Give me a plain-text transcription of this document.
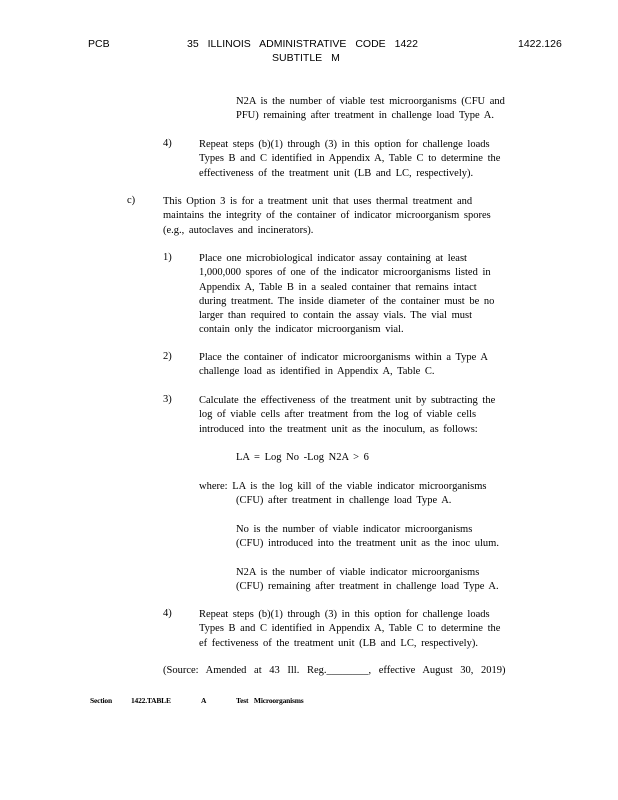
PCB	35 ILLINOIS ADMINISTRATIVE CODE 1422
SUBTITLE M
1422.126
N2A is the number of viable test microorganisms (CFU and
PFU) remaining after treatment in challenge load Type A.
4)	Repeat steps (b)(1) through (3) in this option for challenge loads
Types B and C identified in Appendix A, Table C to determine the
effectiveness of the treatment unit (LB and LC, respectively).
c)	This Option 3 is for a treatment unit that uses thermal treatment and
maintains the integrity of the container of indicator microorganism spores
(e.g., autoclaves and incinerators).
1)	Place one microbiological indicator assay containing at least
1,000,000 spores of one of the indicator microorganisms listed in
Appendix A, Table B in a sealed container that remains intact
during treatment. The inside diameter of the container must be no
larger than required to contain the assay vials. The vial must
contain only the indicator microorganism vial.
2)	Place the container of indicator microorganisms within a Type A
challenge load as identified in Appendix A, Table C.
3)	Calculate the effectiveness of the treatment unit by subtracting the
log of viable cells after treatment from the log of viable cells
introduced into the treatment unit as the inoculum, as follows:
LA = Log No -Log N2A > 6
where: LA is the log kill of the viable indicator microorganisms
(CFU) after treatment in challenge load Type A.
No is the number of viable indicator microorganisms
(CFU) introduced into the treatment unit as the inoc ulum.
N2A is the number of viable indicator microorganisms
(CFU) remaining after treatment in challenge load Type A.
4)	Repeat steps (b)(1) through (3) in this option for challenge loads
Types B and C identified in Appendix A, Table C to determine the
ef fectiveness of the treatment unit (LB and LC, respectively).
(Source: Amended at 43 Ill. Reg.________, effective August 30, 2019)
Section	1422.TABLE	A	Test Microorganisms
